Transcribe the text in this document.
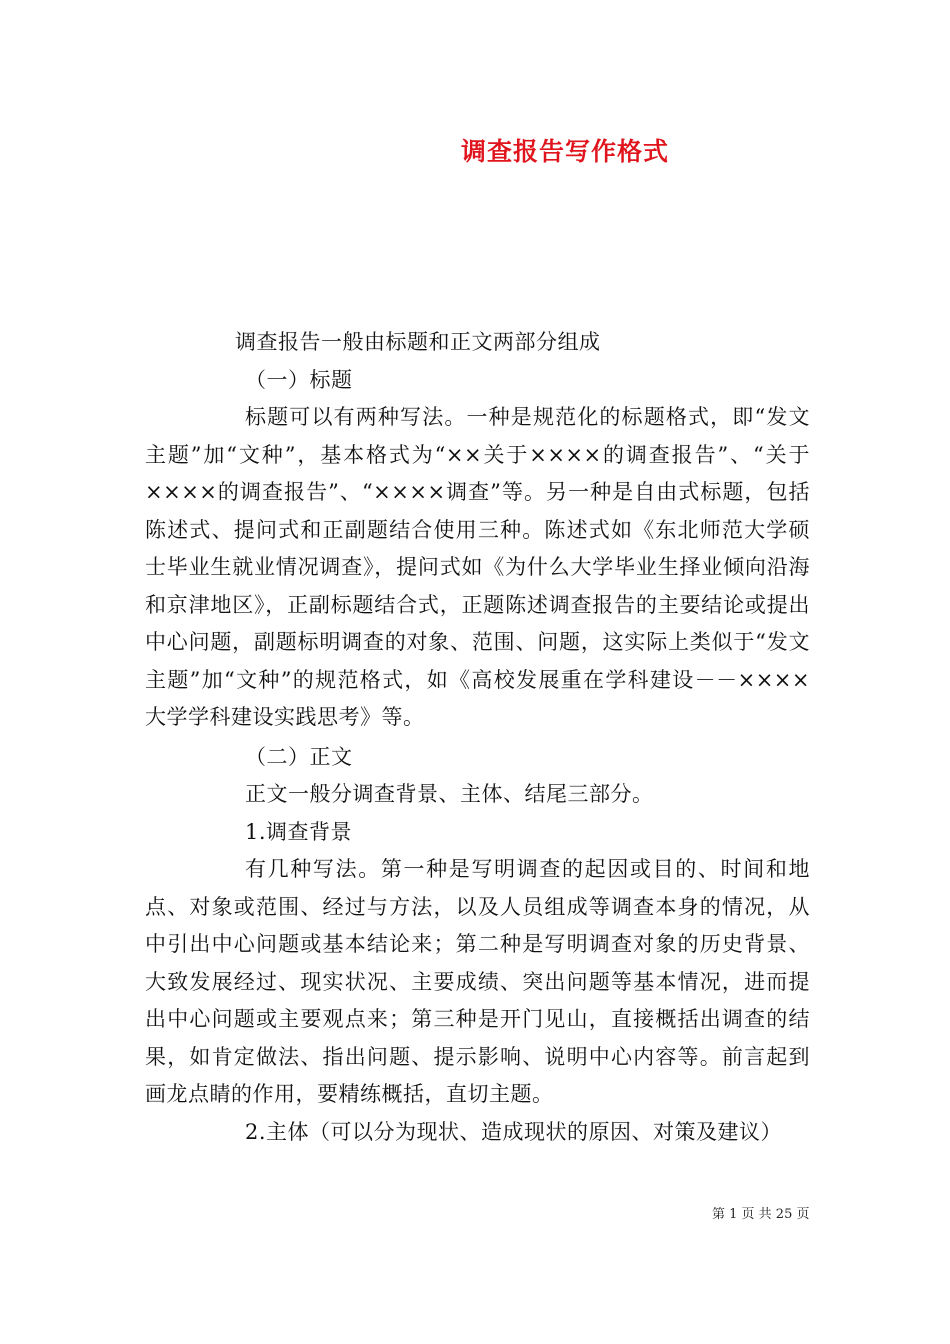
调查报告写作格式

调查报告一般由标题和正文两部分组成

（一）标题

标题可以有两种写法。一种是规范化的标题格式，即“发文主题”加“文种”，基本格式为“××关于××××的调查报告”、“关于××××的调查报告”、“××××调查”等。另一种是自由式标题，包括陈述式、提问式和正副题结合使用三种。陈述式如《东北师范大学硕士毕业生就业情况调查》，提问式如《为什么大学毕业生择业倾向沿海和京津地区》，正副标题结合式，正题陈述调查报告的主要结论或提出中心问题，副题标明调查的对象、范围、问题，这实际上类似于“发文主题”加“文种”的规范格式，如《高校发展重在学科建设－－××××大学学科建设实践思考》等。

（二）正文

正文一般分调查背景、主体、结尾三部分。

1.调查背景

有几种写法。第一种是写明调查的起因或目的、时间和地点、对象或范围、经过与方法，以及人员组成等调查本身的情况，从中引出中心问题或基本结论来；第二种是写明调查对象的历史背景、大致发展经过、现实状况、主要成绩、突出问题等基本情况，进而提出中心问题或主要观点来；第三种是开门见山，直接概括出调查的结果，如肯定做法、指出问题、提示影响、说明中心内容等。前言起到画龙点睛的作用，要精练概括，直切主题。

2.主体（可以分为现状、造成现状的原因、对策及建议）

第 1 页 共 25 页
